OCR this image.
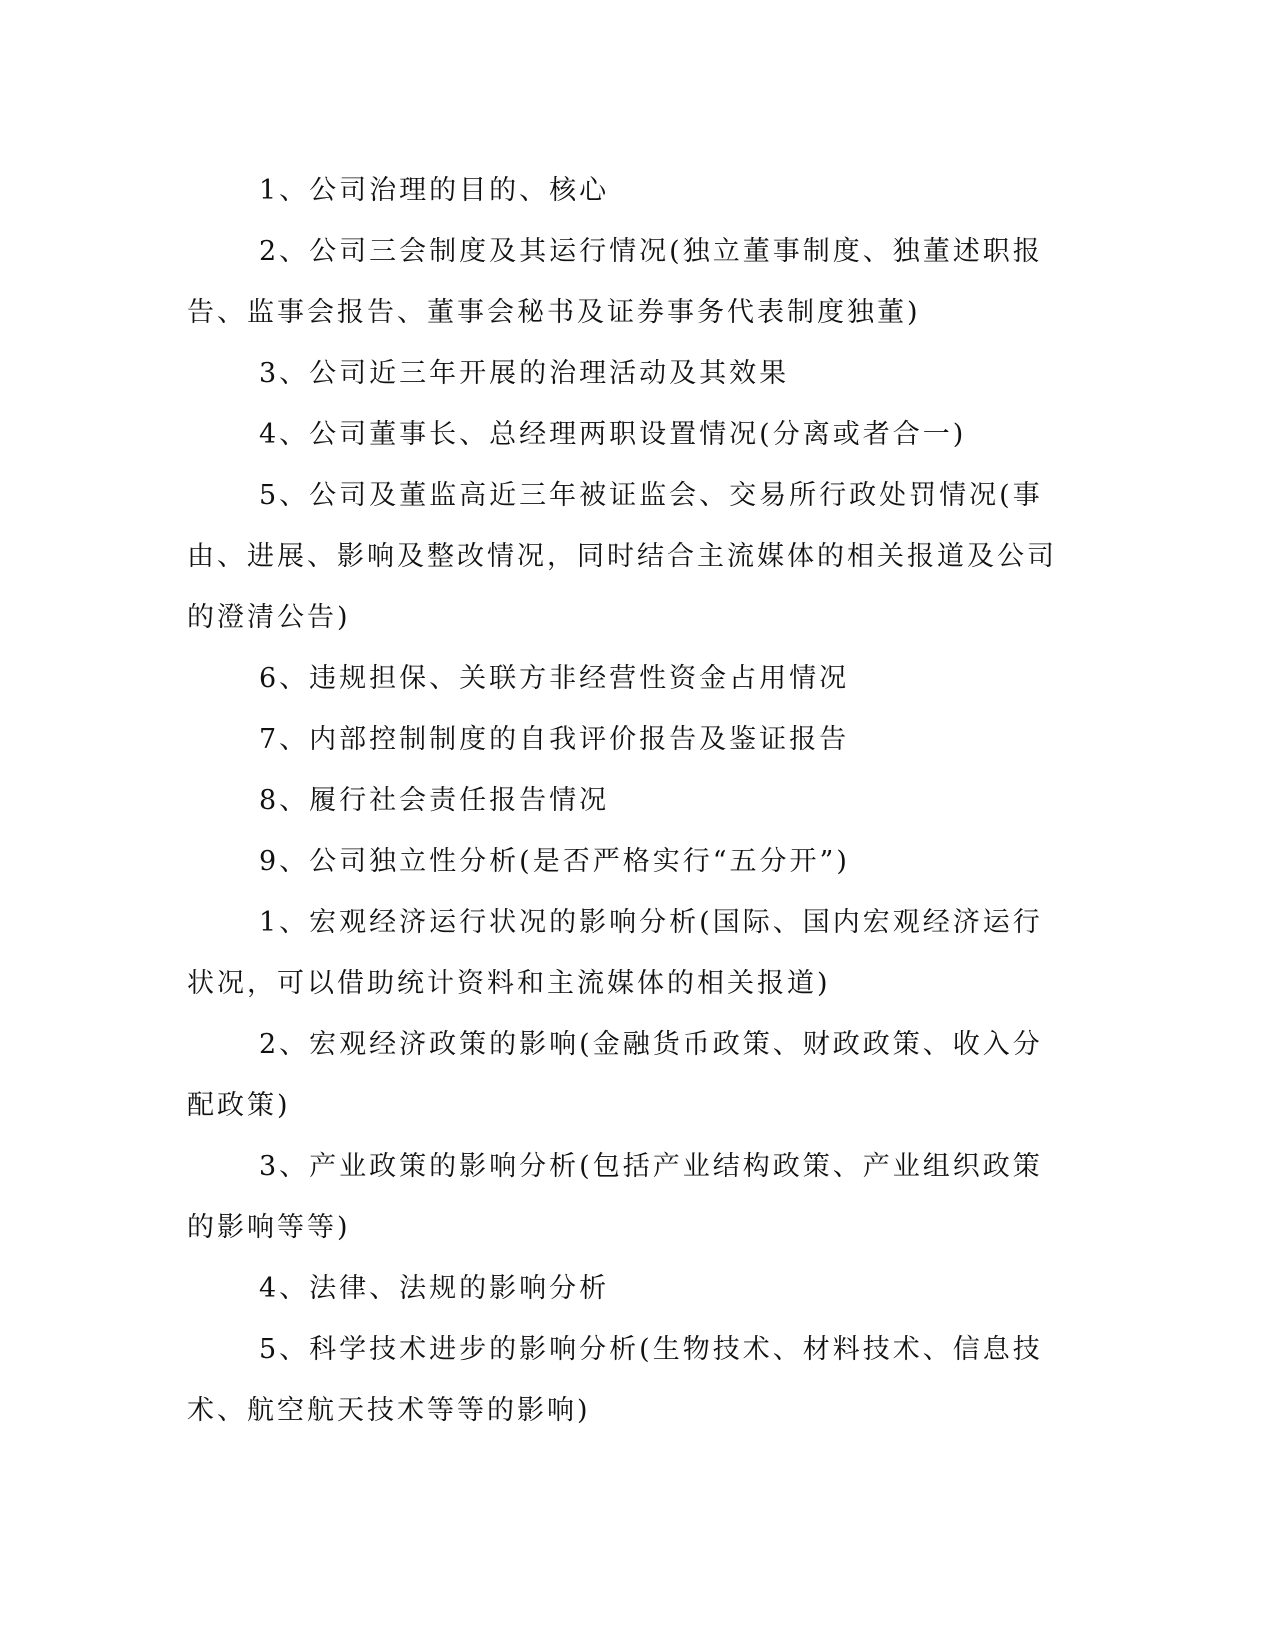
1、公司治理的目的、核心

2、公司三会制度及其运行情况(独立董事制度、独董述职报告、监事会报告、董事会秘书及证券事务代表制度独董)

3、公司近三年开展的治理活动及其效果

4、公司董事长、总经理两职设置情况(分离或者合一)

5、公司及董监高近三年被证监会、交易所行政处罚情况(事由、进展、影响及整改情况，同时结合主流媒体的相关报道及公司的澄清公告)

6、违规担保、关联方非经营性资金占用情况

7、内部控制制度的自我评价报告及鉴证报告

8、履行社会责任报告情况

9、公司独立性分析(是否严格实行“五分开”)

1、宏观经济运行状况的影响分析(国际、国内宏观经济运行状况，可以借助统计资料和主流媒体的相关报道)

2、宏观经济政策的影响(金融货币政策、财政政策、收入分配政策)

3、产业政策的影响分析(包括产业结构政策、产业组织政策的影响等等)

4、法律、法规的影响分析

5、科学技术进步的影响分析(生物技术、材料技术、信息技术、航空航天技术等等的影响)
